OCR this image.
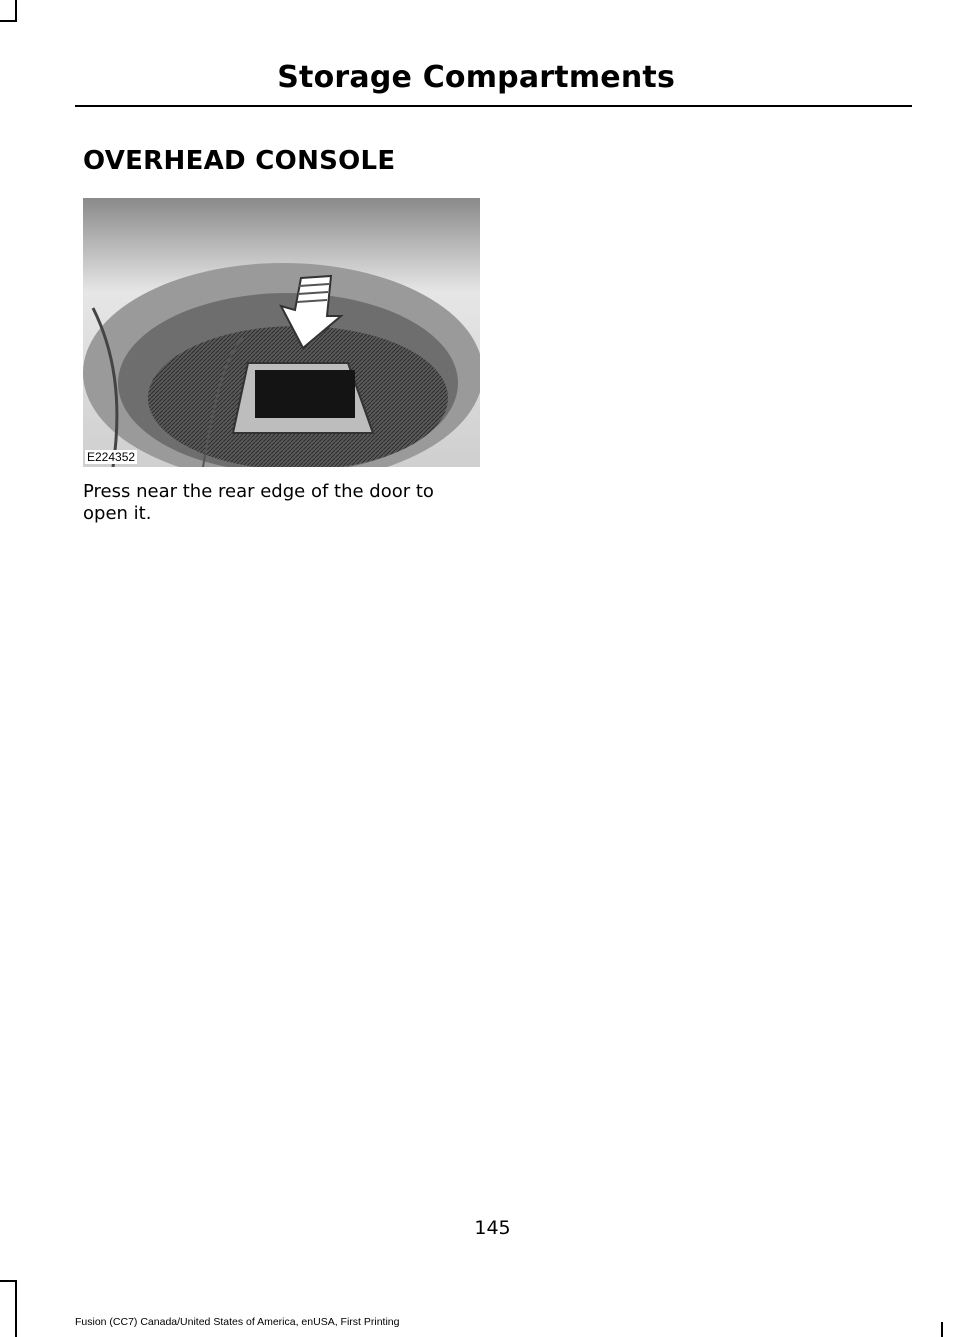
Storage Compartments
OVERHEAD CONSOLE
E224352

Press near the rear edge of the door to open it.

145
Fusion (CC7) Canada/United States of America, enUSA, First Printing
